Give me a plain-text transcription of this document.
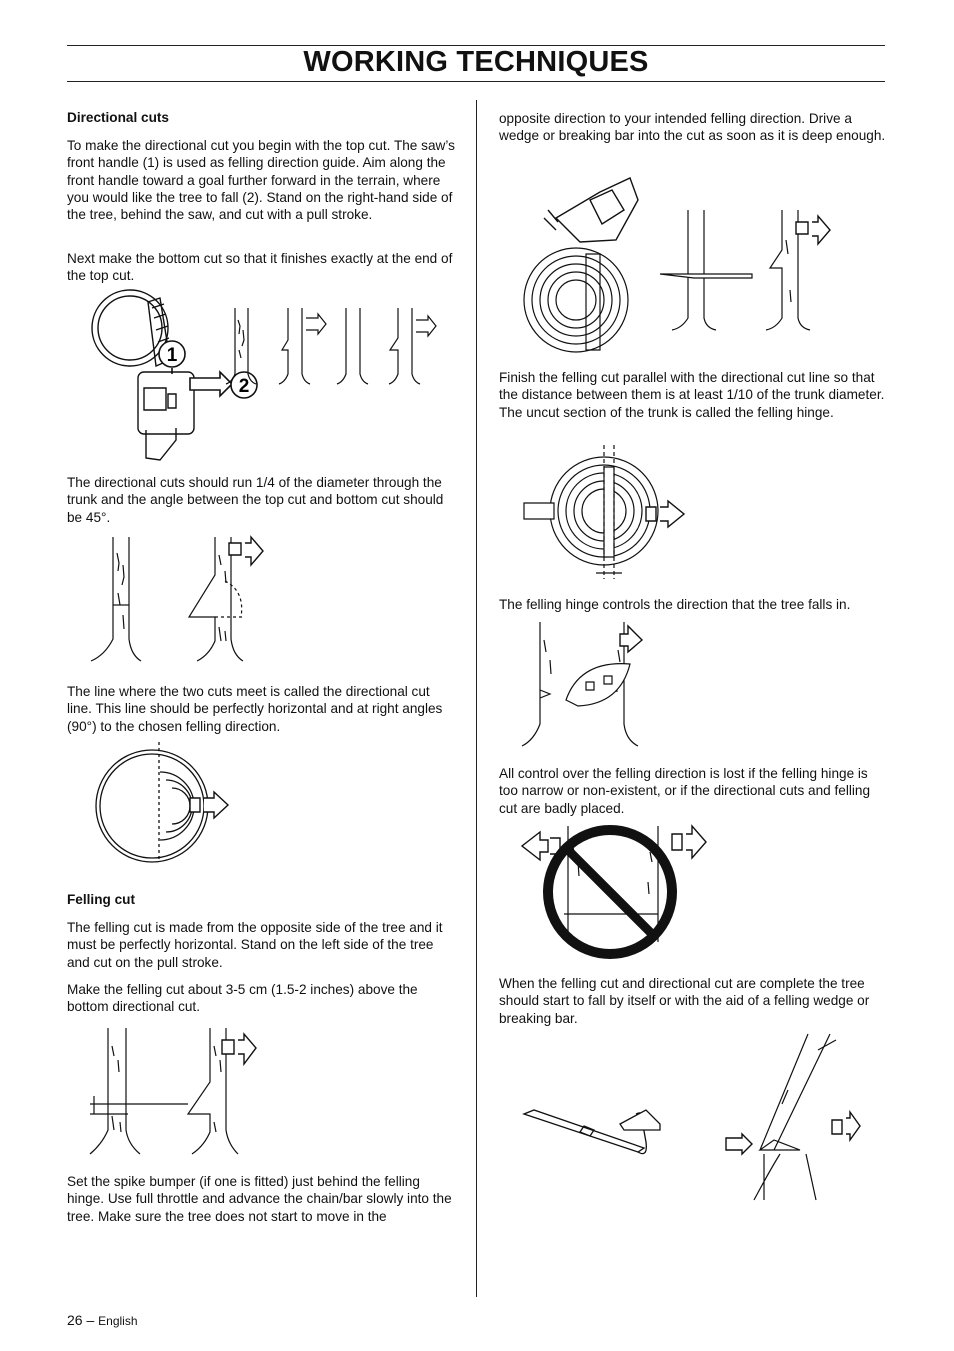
WORKING TECHNIQUES
Directional cuts

To make the directional cut you begin with the top cut. The saw’s front handle (1) is used as felling direction guide. Aim along the front handle toward a goal further forward in the terrain, where you would like the tree to fall (2). Stand on the right-hand side of the tree, behind the saw, and cut with a pull stroke.

Next make the bottom cut so that it finishes exactly at the end of the top cut.

1
2

The directional cuts should run 1/4 of the diameter through the trunk and the angle between the top cut and bottom cut should be 45°.

The line where the two cuts meet is called the directional cut line. This line should be perfectly horizontal and at right angles (90°) to the chosen felling direction.

Felling cut

The felling cut is made from the opposite side of the tree and it must be perfectly horizontal. Stand on the left side of the tree and cut on the pull stroke.

Make the felling cut about 3-5 cm (1.5-2 inches) above the bottom directional cut.

Set the spike bumper (if one is fitted) just behind the felling hinge. Use full throttle and advance the chain/bar slowly into the tree. Make sure the tree does not start to move in the

opposite direction to your intended felling direction. Drive a wedge or breaking bar into the cut as soon as it is deep enough.

Finish the felling cut parallel with the directional cut line so that the distance between them is at least 1/10 of the trunk diameter. The uncut section of the trunk is called the felling hinge.

The felling hinge controls the direction that the tree falls in.

All control over the felling direction is lost if the felling hinge is too narrow or non-existent, or if the directional cuts and felling cut are badly placed.

When the felling cut and directional cut are complete the tree should start to fall by itself or with the aid of a felling wedge or breaking bar.

26 – English
